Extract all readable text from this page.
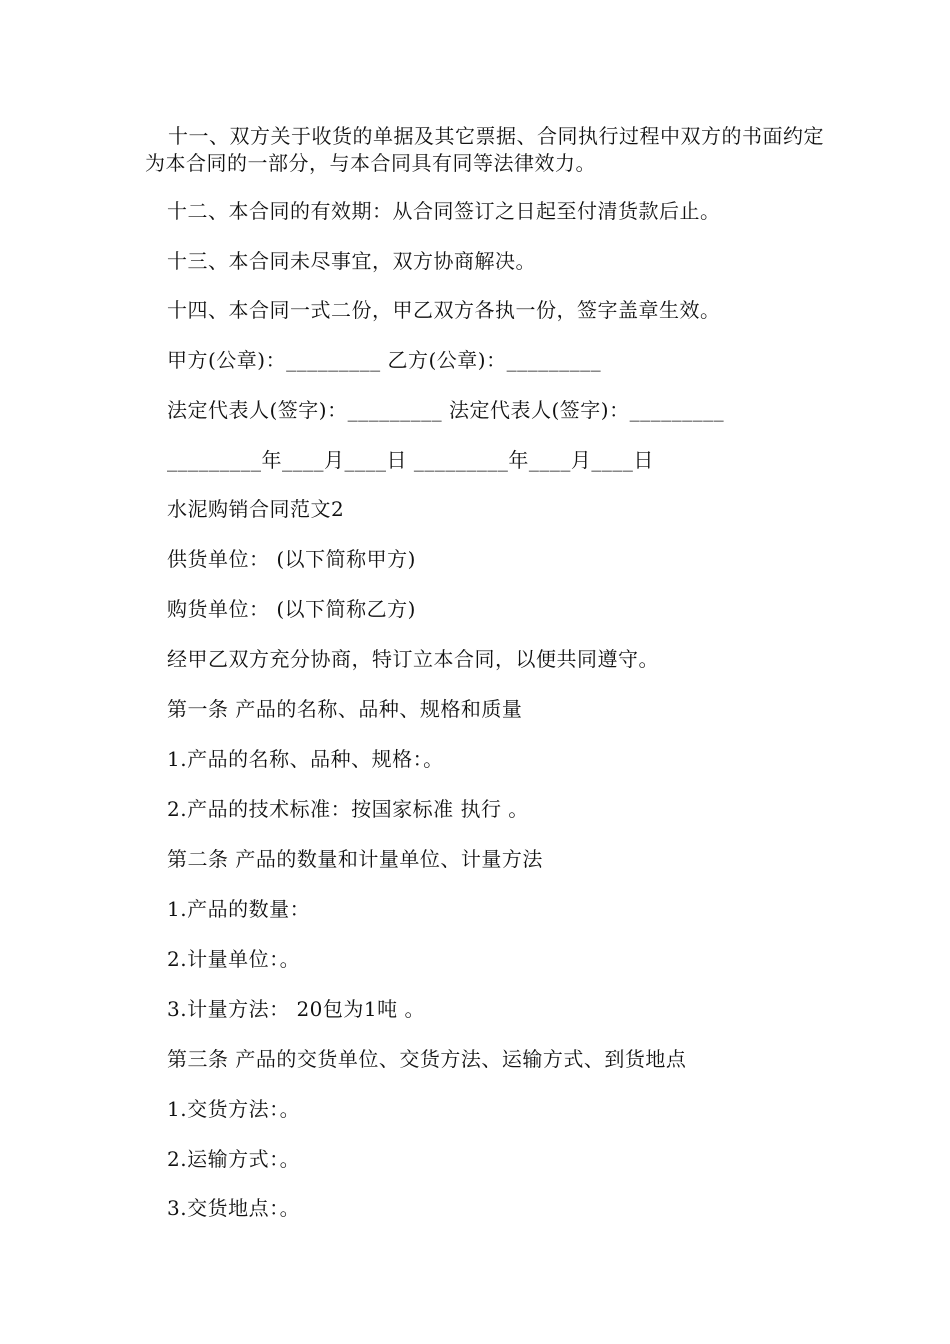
十一、双方关于收货的单据及其它票据、合同执行过程中双方的书面约定为本合同的一部分，与本合同具有同等法律效力。
十二、本合同的有效期：从合同签订之日起至付清货款后止。
十三、本合同未尽事宜，双方协商解决。
十四、本合同一式二份，甲乙双方各执一份，签字盖章生效。
甲方(公章)：_________ 乙方(公章)：_________
法定代表人(签字)：_________ 法定代表人(签字)：_________
_________年____月____日 _________年____月____日
水泥购销合同范文2
供货单位： (以下简称甲方)
购货单位： (以下简称乙方)
经甲乙双方充分协商，特订立本合同，以便共同遵守。
第一条 产品的名称、品种、规格和质量
1.产品的名称、品种、规格：。
2.产品的技术标准：按国家标准 执行 。
第二条 产品的数量和计量单位、计量方法
1.产品的数量：
2.计量单位：。
3.计量方法： 20包为1吨 。
第三条 产品的交货单位、交货方法、运输方式、到货地点
1.交货方法：。
2.运输方式：。
3.交货地点：。
